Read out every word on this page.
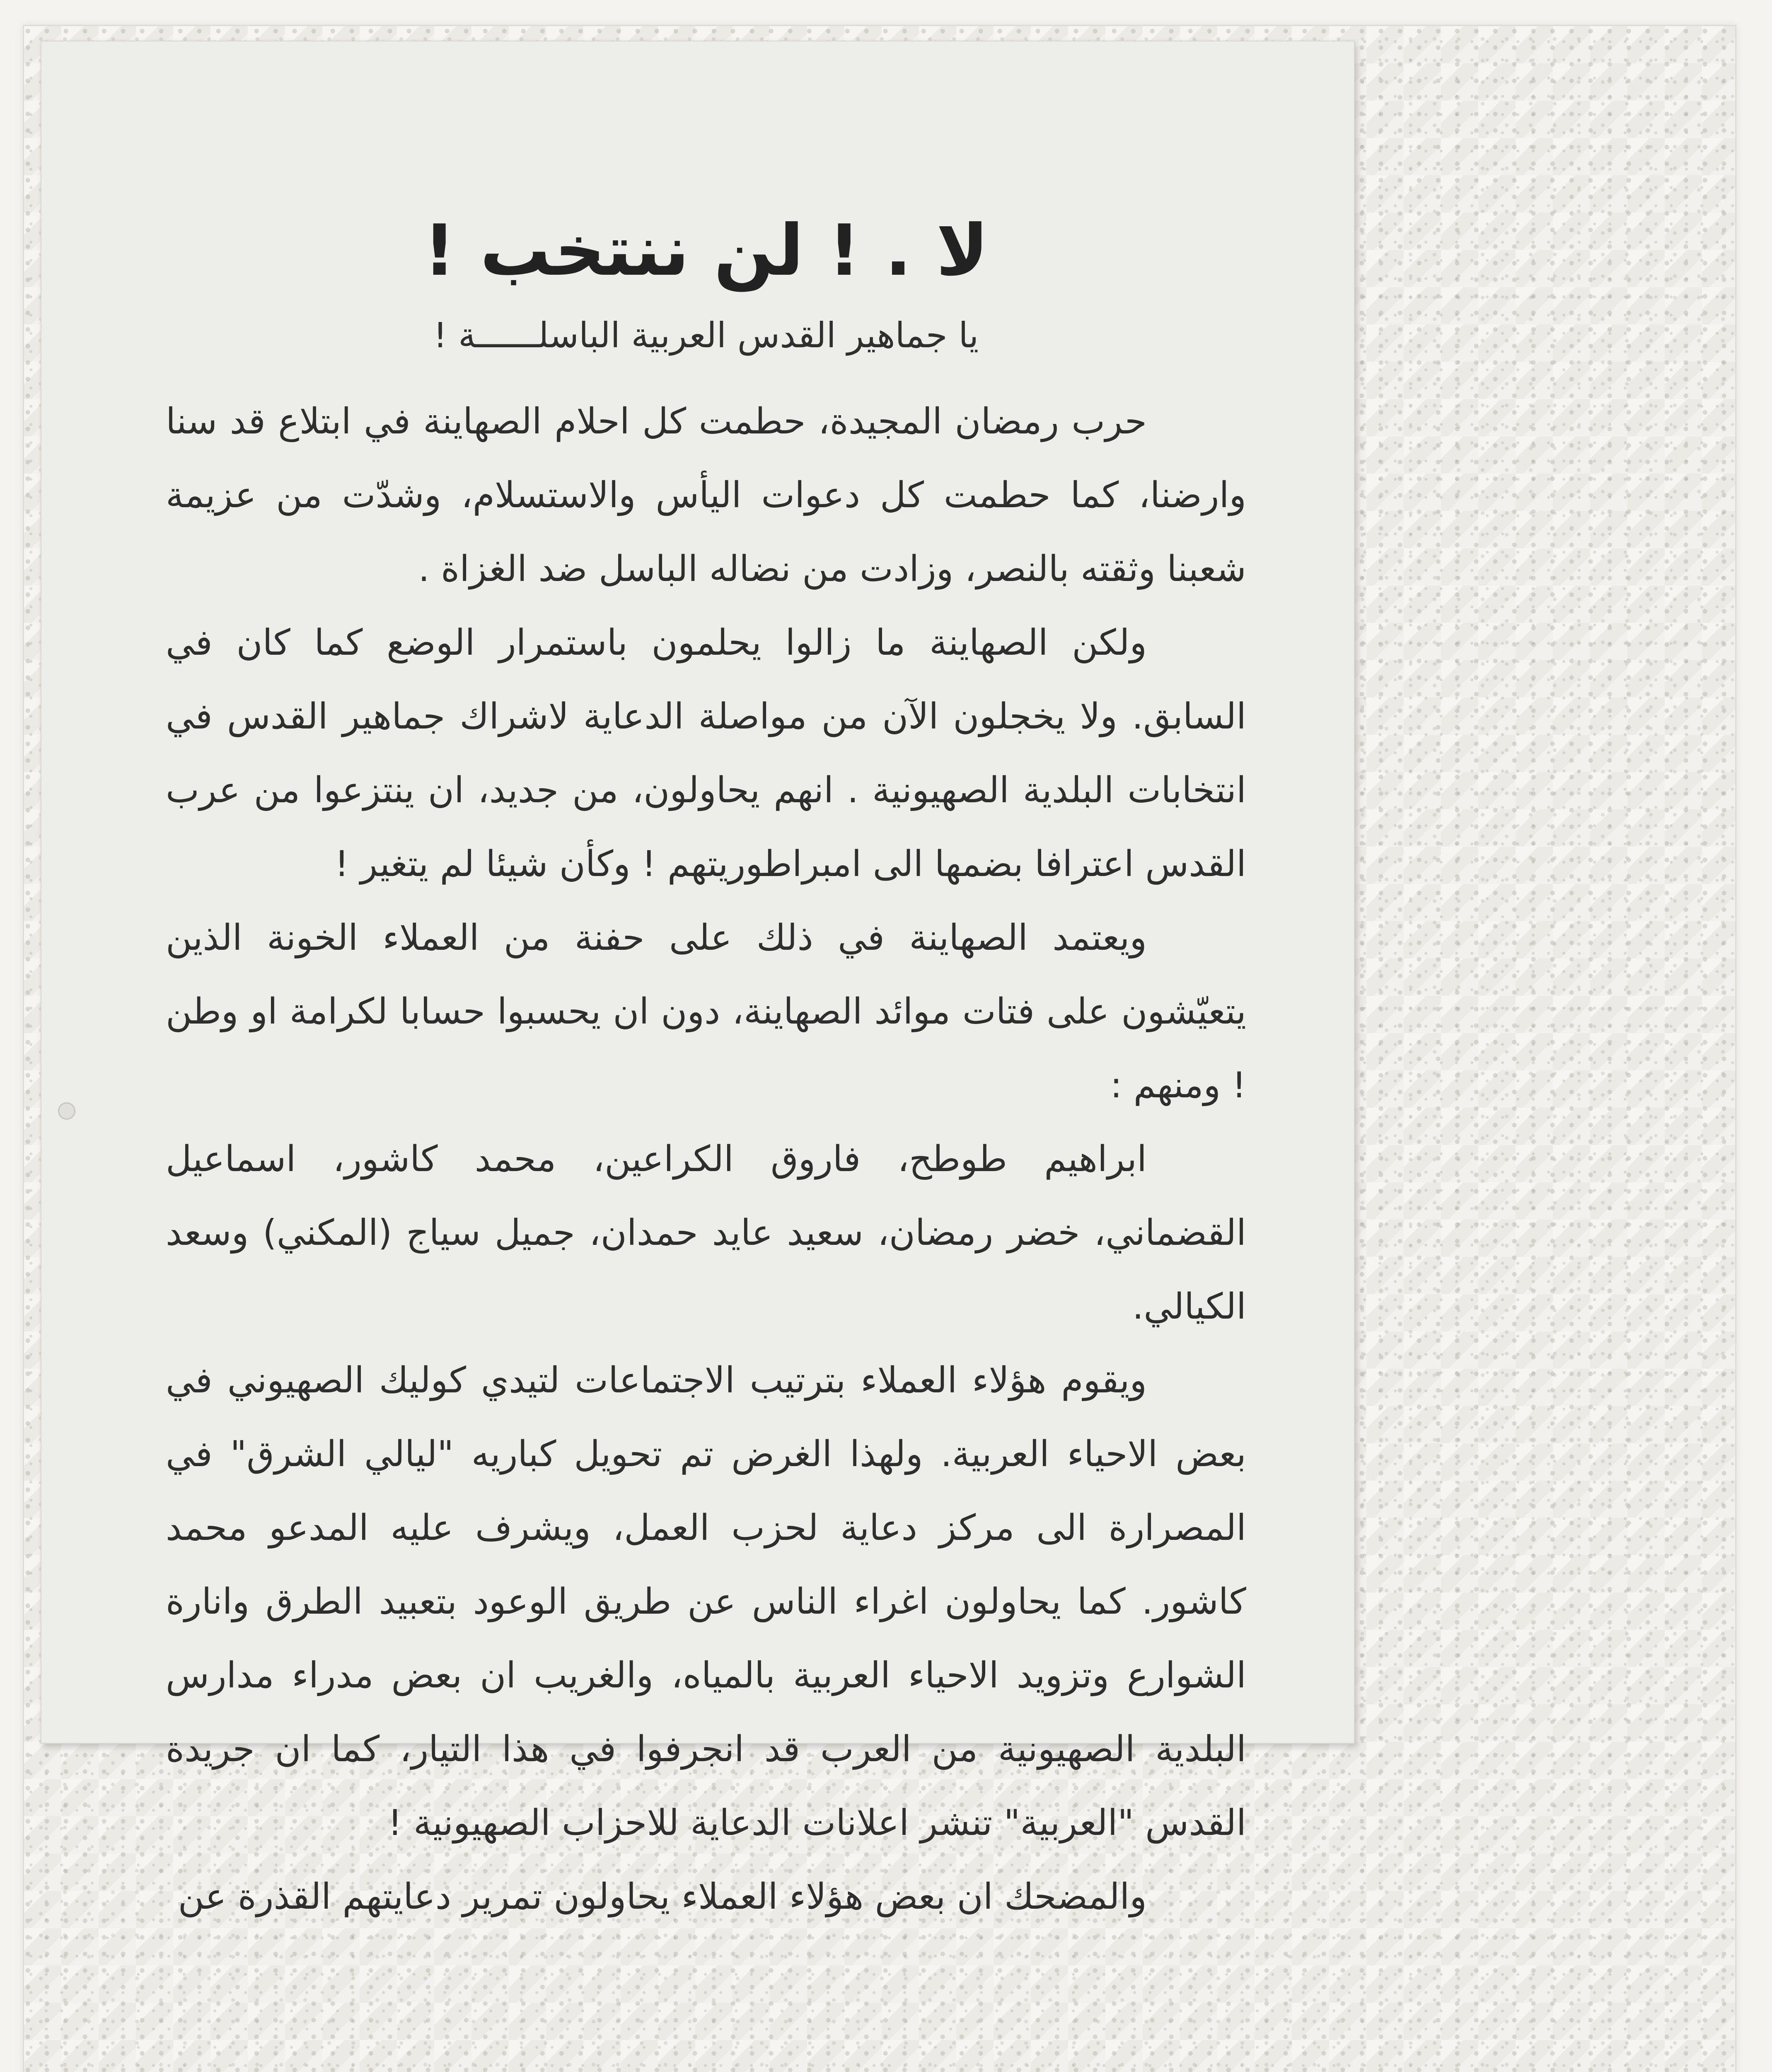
لا . ! لن ننتخب !
يا جماهير القدس العربية الباسلــــــة !

حرب رمضان المجيدة، حطمت كل احلام الصهاينة في ابتلاع قد سنا وارضنا، كما حطمت كل دعوات اليأس والاستسلام، وشدّت من عزيمة شعبنا وثقته بالنصر، وزادت من نضاله الباسل ضد الغزاة .

ولكن الصهاينة ما زالوا يحلمون باستمرار الوضع كما كان في السابق. ولا يخجلون الآن من مواصلة الدعاية لاشراك جماهير القدس في انتخابات البلدية الصهيونية . انهم يحاولون، من جديد، ان ينتزعوا من عرب القدس اعترافا بضمها الى امبراطوريتهم ! وكأن شيئا لم يتغير !

ويعتمد الصهاينة في ذلك على حفنة من العملاء الخونة الذين يتعيّشون على فتات موائد الصهاينة، دون ان يحسبوا حسابا لكرامة او وطن ! ومنهم :

ابراهيم طوطح، فاروق الكراعين، محمد كاشور، اسماعيل القضماني، خضر رمضان، سعيد عايد حمدان، جميل سياج (المكني) وسعد الكيالي.

ويقوم هؤلاء العملاء بترتيب الاجتماعات لتيدي كوليك الصهيوني في بعض الاحياء العربية. ولهذا الغرض تم تحويل كباريه "ليالي الشرق" في المصرارة الى مركز دعاية لحزب العمل، ويشرف عليه المدعو محمد كاشور. كما يحاولون اغراء الناس عن طريق الوعود بتعبيد الطرق وانارة الشوارع وتزويد الاحياء العربية بالمياه، والغريب ان بعض مدراء مدارس البلدية الصهيونية من العرب قد انجرفوا في هذا التيار، كما ان جريدة القدس "العربية" تنشر اعلانات الدعاية للاحزاب الصهيونية !

والمضحك ان بعض هؤلاء العملاء يحاولون تمرير دعايتهم القذرة عن
